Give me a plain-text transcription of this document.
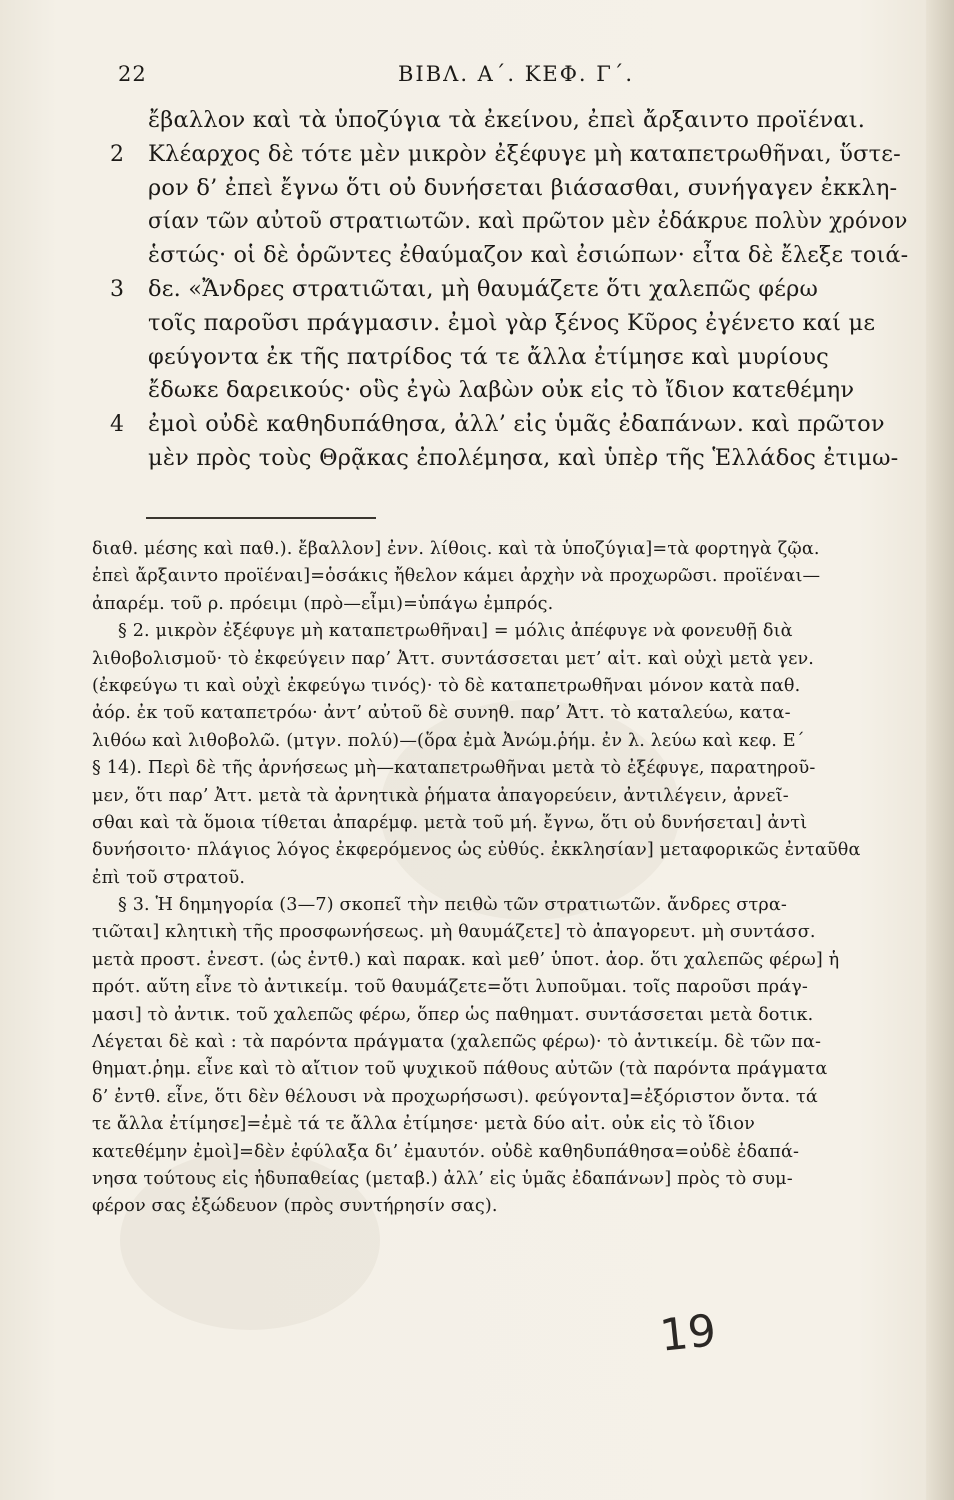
22	ΒΙΒΛ. Α΄. ΚΕΦ. Γ΄.
ἔβαλλον καὶ τὰ ὑποζύγια τὰ ἐκείνου, ἐπεὶ ἄρξαιντο προϊέναι.
2 Κλέαρχος δὲ τότε μὲν μικρὸν ἐξέφυγε μὴ καταπετρωθῆναι, ὕστε-
ρον δ’ ἐπεὶ ἔγνω ὅτι οὐ δυνήσεται βιάσασθαι, συνήγαγεν ἐκκλη-
σίαν τῶν αὐτοῦ στρατιωτῶν. καὶ πρῶτον μὲν ἐδάκρυε πολὺν χρόνον
ἑστώς· οἱ δὲ ὁρῶντες ἐθαύμαζον καὶ ἐσιώπων· εἶτα δὲ ἔλεξε τοιά-
3 δε. «Ἄνδρες στρατιῶται, μὴ θαυμάζετε ὅτι χαλεπῶς φέρω
τοῖς παροῦσι πράγμασιν. ἐμοὶ γὰρ ξένος Κῦρος ἐγένετο καί με
φεύγοντα ἐκ τῆς πατρίδος τά τε ἄλλα ἐτίμησε καὶ μυρίους
ἔδωκε δαρεικούς· οὓς ἐγὼ λαβὼν οὐκ εἰς τὸ ἴδιον κατεθέμην
4 ἐμοὶ οὐδὲ καθηδυπάθησα, ἀλλ’ εἰς ὑμᾶς ἐδαπάνων. καὶ πρῶτον
μὲν πρὸς τοὺς Θρᾷκας ἐπολέμησα, καὶ ὑπὲρ τῆς Ἑλλάδος ἐτιμω-
διαθ. μέσης καὶ παθ.). ἔβαλλον] ἐνν. λίθοις. καὶ τὰ ὑποζύγια]=τὰ φορτηγὰ ζῷα.
ἐπεὶ ἄρξαιντο προϊέναι]=ὁσάκις ἤθελον κάμει ἀρχὴν νὰ προχωρῶσι. προϊέναι—
ἀπαρέμ. τοῦ ρ. πρόειμι (πρὸ—εἶμι)=ὑπάγω ἐμπρός.
§ 2. μικρὸν ἐξέφυγε μὴ καταπετρωθῆναι] = μόλις ἀπέφυγε νὰ φονευθῇ διὰ
λιθοβολισμοῦ· τὸ ἐκφεύγειν παρ’ Ἀττ. συντάσσεται μετ’ αἰτ. καὶ οὐχὶ μετὰ γεν.
(ἐκφεύγω τι καὶ οὐχὶ ἐκφεύγω τινός)· τὸ δὲ καταπετρωθῆναι μόνον κατὰ παθ.
ἀόρ. ἐκ τοῦ καταπετρόω· ἀντ’ αὐτοῦ δὲ συνηθ. παρ’ Ἀττ. τὸ καταλεύω, κατα-
λιθόω καὶ λιθοβολῶ. (μτγν. πολύ)—(ὅρα ἐμὰ Ἀνώμ.ῥήμ. ἐν λ. λεύω καὶ κεφ. Ε΄
§ 14). Περὶ δὲ τῆς ἀρνήσεως μὴ—καταπετρωθῆναι μετὰ τὸ ἐξέφυγε, παρατηροῦ-
μεν, ὅτι παρ’ Ἀττ. μετὰ τὰ ἀρνητικὰ ῥήματα ἀπαγορεύειν, ἀντιλέγειν, ἀρνεῖ-
σθαι καὶ τὰ ὅμοια τίθεται ἀπαρέμφ. μετὰ τοῦ μή. ἔγνω, ὅτι οὐ δυνήσεται] ἀντὶ
δυνήσοιτο· πλάγιος λόγος ἐκφερόμενος ὡς εὐθύς. ἐκκλησίαν] μεταφορικῶς ἐνταῦθα
ἐπὶ τοῦ στρατοῦ.
§ 3. Ἡ δημηγορία (3—7) σκοπεῖ τὴν πειθὼ τῶν στρατιωτῶν. ἄνδρες στρα-
τιῶται] κλητικὴ τῆς προσφωνήσεως. μὴ θαυμάζετε] τὸ ἀπαγορευτ. μὴ συντάσσ.
μετὰ προστ. ἐνεστ. (ὡς ἐντθ.) καὶ παρακ. καὶ μεθ’ ὑποτ. ἀορ. ὅτι χαλεπῶς φέρω] ἡ
πρότ. αὕτη εἶνε τὸ ἀντικείμ. τοῦ θαυμάζετε=ὅτι λυποῦμαι. τοῖς παροῦσι πράγ-
μασι] τὸ ἀντικ. τοῦ χαλεπῶς φέρω, ὅπερ ὡς παθηματ. συντάσσεται μετὰ δοτικ.
Λέγεται δὲ καὶ : τὰ παρόντα πράγματα (χαλεπῶς φέρω)· τὸ ἀντικείμ. δὲ τῶν πα-
θηματ.ῥημ. εἶνε καὶ τὸ αἴτιον τοῦ ψυχικοῦ πάθους αὐτῶν (τὰ παρόντα πράγματα
δ’ ἐντθ. εἶνε, ὅτι δὲν θέλουσι νὰ προχωρήσωσι). φεύγοντα]=ἐξόριστον ὄντα. τά
τε ἄλλα ἐτίμησε]=ἐμὲ τά τε ἄλλα ἐτίμησε· μετὰ δύο αἰτ. οὐκ εἰς τὸ ἴδιον
κατεθέμην ἐμοὶ]=δὲν ἐφύλαξα δι’ ἐμαυτόν. οὐδὲ καθηδυπάθησα=οὐδὲ ἐδαπά-
νησα τούτους εἰς ἡδυπαθείας (μεταβ.) ἀλλ’ εἰς ὑμᾶς ἐδαπάνων] πρὸς τὸ συμ-
φέρον σας ἐξώδευον (πρὸς συντήρησίν σας).
19
